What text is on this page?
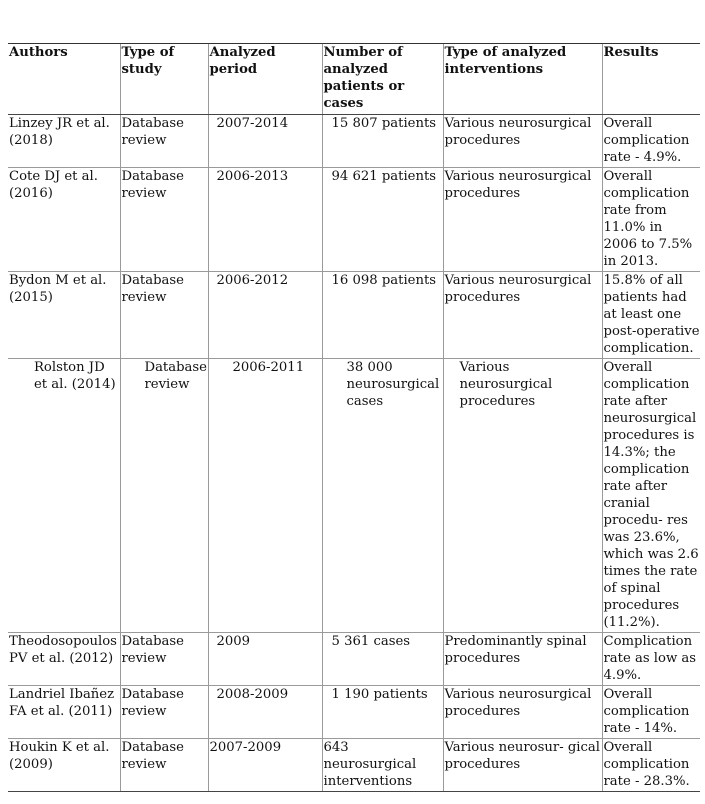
Authors	Type of study	Analyzed period	Number of analyzed patients or cases	Type of analyzed interventions	Results
Linzey JR et al. (2018)	Database review	2007-2014	15 807 patients	Various neurosurgical procedures	Overall complication rate - 4.9%.
Cote DJ et al. (2016)	Database review	2006-2013	94 621 patients	Various neurosurgical procedures	Overall complication rate from 11.0% in 2006 to 7.5% in 2013.
Bydon M et al. (2015)	Database review	2006-2012	16 098 patients	Various neurosurgical procedures	15.8% of all patients had at least one post-operative complication.
Rolston JD et al. (2014)	Database review	2006-2011	38 000 neurosurgical cases	Various neurosurgical procedures	Overall complication rate after neurosurgical procedures is 14.3%; the complication rate after cranial procedu- res was 23.6%, which was 2.6 times the rate of spinal procedures (11.2%).
Theodosopoulos PV et al. (2012)	Database review	2009	5 361 cases	Predominantly spinal procedures	Complication rate as low as 4.9%.
Landriel Ibañez FA et al. (2011)	Database review	2008-2009	1 190 patients	Various neurosurgical procedures	Overall complication rate - 14%.
Houkin K et al. (2009)	Database review	2007-2009	643 neurosurgical interventions	Various neurosur- gical procedures	Overall complication rate - 28.3%.
